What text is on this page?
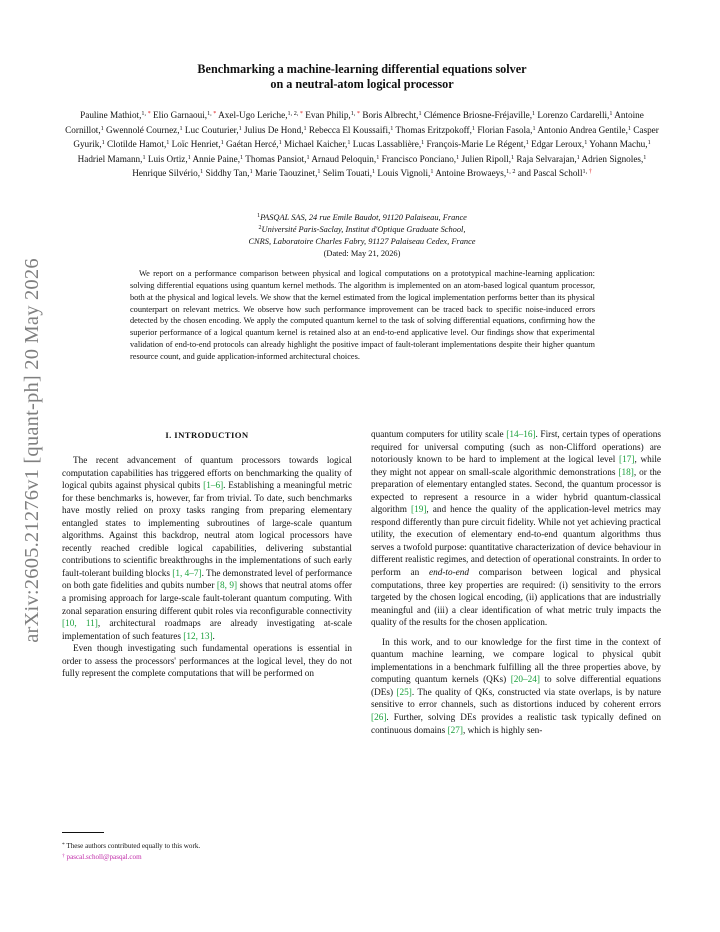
arXiv:2605.21276v1 [quant-ph] 20 May 2026
Benchmarking a machine-learning differential equations solver
on a neutral-atom logical processor
Pauline Mathiot,$^{1, *}$ Elio Garnaoui,$^{1, *}$ Axel-Ugo Leriche,$^{1, 2, *}$ Evan Philip,$^{1, *}$ Boris Albrecht,$^1$ Clémence Briosne-Fréjaville,$^1$ Lorenzo Cardarelli,$^1$ Antoine Cornillot,$^1$ Gwennolé Cournez,$^1$ Luc Couturier,$^1$ Julius De Hond,$^1$ Rebecca El Koussaifi,$^1$ Thomas Eritzpokoff,$^1$ Florian Fasola,$^1$ Antonio Andrea Gentile,$^1$ Casper Gyurik,$^1$ Clotilde Hamot,$^1$ Loïc Henriet,$^1$ Gaétan Hercé,$^1$ Michael Kaicher,$^1$ Lucas Lassablière,$^1$ François-Marie Le Régent,$^1$ Edgar Leroux,$^1$ Yohann Machu,$^1$ Hadriel Mamann,$^1$ Luis Ortiz,$^1$ Annie Paine,$^1$ Thomas Pansiot,$^1$ Arnaud Peloquin,$^1$ Francisco Ponciano,$^1$ Julien Ripoll,$^1$ Raja Selvarajan,$^1$ Adrien Signoles,$^1$ Henrique Silvério,$^1$ Siddhy Tan,$^1$ Marie Taouzinet,$^1$ Selim Touati,$^1$ Louis Vignoli,$^1$ Antoine Browaeys,$^{1, 2}$ and Pascal Scholl$^{1, \dagger}$
$^1$PASQAL SAS, 24 rue Emile Baudot, 91120 Palaiseau, France
$^2$Université Paris-Saclay, Institut d'Optique Graduate School,
CNRS, Laboratoire Charles Fabry, 91127 Palaiseau Cedex, France
(Dated: May 21, 2026)

We report on a performance comparison between physical and logical computations on a prototypical machine-learning application: solving differential equations using quantum kernel methods. The algorithm is implemented on an atom-based logical quantum processor, both at the physical and logical levels. We show that the kernel estimated from the logical implementation performs better than its physical counterpart on relevant metrics. We observe how such performance improvement can be traced back to specific noise-induced errors detected by the chosen encoding. We apply the computed quantum kernel to the task of solving differential equations, confirming how the superior performance of a logical quantum kernel is retained also at an end-to-end applicative level. Our findings show that experimental validation of end-to-end protocols can already highlight the positive impact of fault-tolerant implementations despite their higher quantum resource count, and guide application-informed architectural choices.

I. INTRODUCTION

The recent advancement of quantum processors towards logical computation capabilities has triggered efforts on benchmarking the quality of logical qubits against physical qubits [1–6]. Establishing a meaningful metric for these benchmarks is, however, far from trivial. To date, such benchmarks have mostly relied on proxy tasks ranging from preparing elementary entangled states to implementing subroutines of large-scale quantum algorithms. Against this backdrop, neutral atom logical processors have recently reached credible logical capabilities, delivering substantial contributions to scientific breakthroughs in the implementations of such early fault-tolerant building blocks [1, 4–7]. The demonstrated level of performance on both gate fidelities and qubits number [8, 9] shows that neutral atoms offer a promising approach for large-scale fault-tolerant quantum computing. With zonal separation ensuring different qubit roles via reconfigurable connectivity [10, 11], architectural roadmaps are already investigating at-scale implementation of such features [12, 13].

Even though investigating such fundamental operations is essential in order to assess the processors' performances at the logical level, they do not fully represent the complete computations that will be performed on

quantum computers for utility scale [14–16]. First, certain types of operations required for universal computing (such as non-Clifford operations) are notoriously known to be hard to implement at the logical level [17], while they might not appear on small-scale algorithmic demonstrations [18], or the preparation of elementary entangled states. Second, the quantum processor is expected to represent a resource in a wider hybrid quantum-classical algorithm [19], and hence the quality of the application-level metrics may respond differently than pure circuit fidelity. While not yet achieving practical utility, the execution of elementary end-to-end quantum algorithms thus serves a twofold purpose: quantitative characterization of device behaviour in different realistic regimes, and detection of operational constraints. In order to perform an end-to-end comparison between logical and physical computations, three key properties are required: (i) sensitivity to the errors targeted by the chosen logical encoding, (ii) applications that are industrially meaningful and (iii) a clear identification of what metric truly impacts the quality of the results for the chosen application.

In this work, and to our knowledge for the first time in the context of quantum machine learning, we compare logical to physical qubit implementations in a benchmark fulfilling all the three properties above, by computing quantum kernels (QKs) [20–24] to solve differential equations (DEs) [25]. The quality of QKs, constructed via state overlaps, is by nature sensitive to error channels, such as distortions induced by coherent errors [26]. Further, solving DEs provides a realistic task typically defined on continuous domains [27], which is highly sen-

* These authors contributed equally to this work.
† pascal.scholl@pasqal.com
